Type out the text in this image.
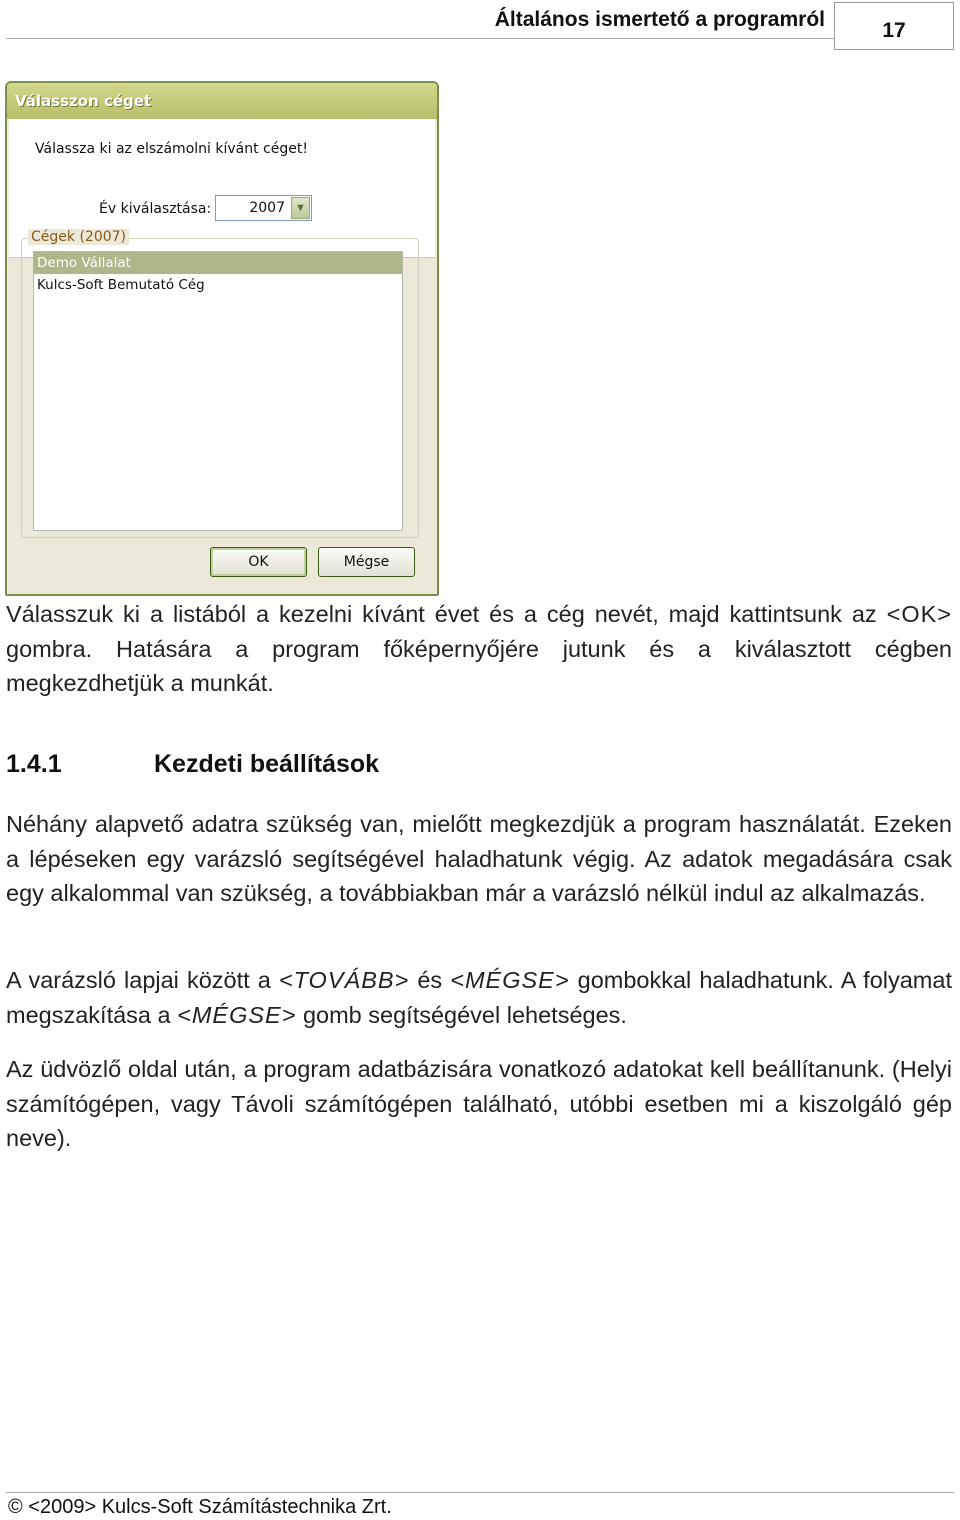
Általános ismertető a programról	17
Válasszon céget
Válassza ki az elszámolni kívánt céget!
Év kiválasztása:	2007 ▼
Cégek (2007)
Demo Vállalat
Kulcs-Soft Bemutató Cég
OK	Mégse

Válasszuk ki a listából a kezelni kívánt évet és a cég nevét, majd kattintsunk az <OK> gombra. Hatására a program főképernyőjére jutunk és a kiválasztott cégben megkezdhetjük a munkát.

1.4.1	Kezdeti beállítások

Néhány alapvető adatra szükség van, mielőtt megkezdjük a program használatát. Ezeken a lépéseken egy varázsló segítségével haladhatunk végig. Az adatok megadására csak egy alkalommal van szükség, a továbbiakban már a varázsló nélkül indul az alkalmazás.

A varázsló lapjai között a <TOVÁBB> és <MÉGSE> gombokkal haladhatunk. A folyamat megszakítása a <MÉGSE> gomb segítségével lehetséges.

Az üdvözlő oldal után, a program adatbázisára vonatkozó adatokat kell beállítanunk. (Helyi számítógépen, vagy Távoli számítógépen található, utóbbi esetben mi a kiszolgáló gép neve).

© <2009> Kulcs-Soft Számítástechnika Zrt.
